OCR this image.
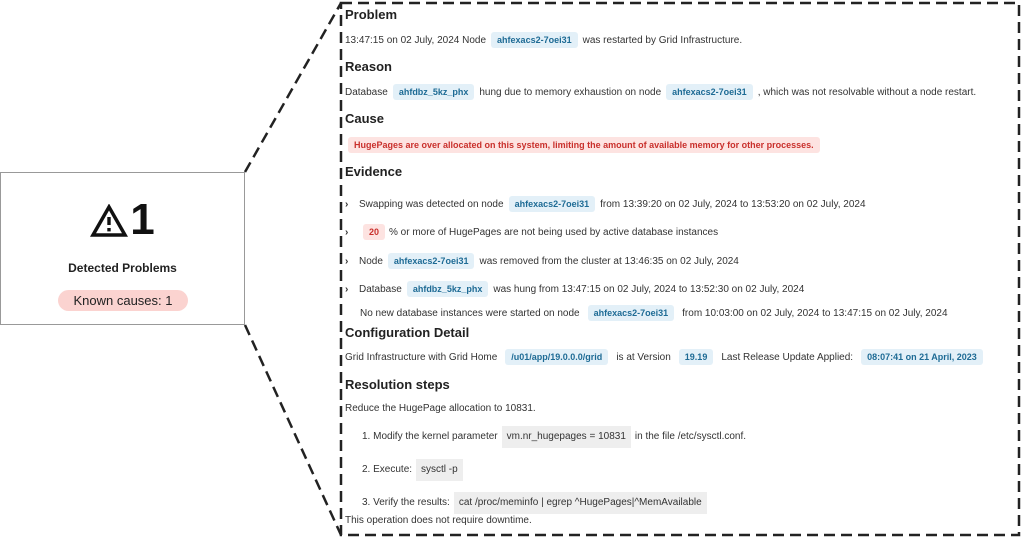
1
Detected Problems
Known causes: 1
Problem
13:47:15 on 02 July, 2024 Node ahfexacs2-7oei31 was restarted by Grid Infrastructure.
Reason
Database ahfdbz_5kz_phx hung due to memory exhaustion on node ahfexacs2-7oei31 , which was not resolvable without a node restart.
Cause
HugePages are over allocated on this system, limiting the amount of available memory for other processes.
Evidence
› Swapping was detected on node ahfexacs2-7oei31 from 13:39:20 on 02 July, 2024 to 13:53:20 on 02 July, 2024
› 20 % or more of HugePages are not being used by active database instances
› Node ahfexacs2-7oei31 was removed from the cluster at 13:46:35 on 02 July, 2024
› Database ahfdbz_5kz_phx was hung from 13:47:15 on 02 July, 2024 to 13:52:30 on 02 July, 2024
No new database instances were started on node ahfexacs2-7oei31 from 10:03:00 on 02 July, 2024 to 13:47:15 on 02 July, 2024
Configuration Detail
Grid Infrastructure with Grid Home /u01/app/19.0.0.0/grid is at Version 19.19 Last Release Update Applied: 08:07:41 on 21 April, 2023
Resolution steps
Reduce the HugePage allocation to 10831.
1. Modify the kernel parameter vm.nr_hugepages = 10831 in the file /etc/sysctl.conf.
2. Execute: sysctl -p
3. Verify the results: cat /proc/meminfo | egrep ^HugePages|^MemAvailable
This operation does not require downtime.
